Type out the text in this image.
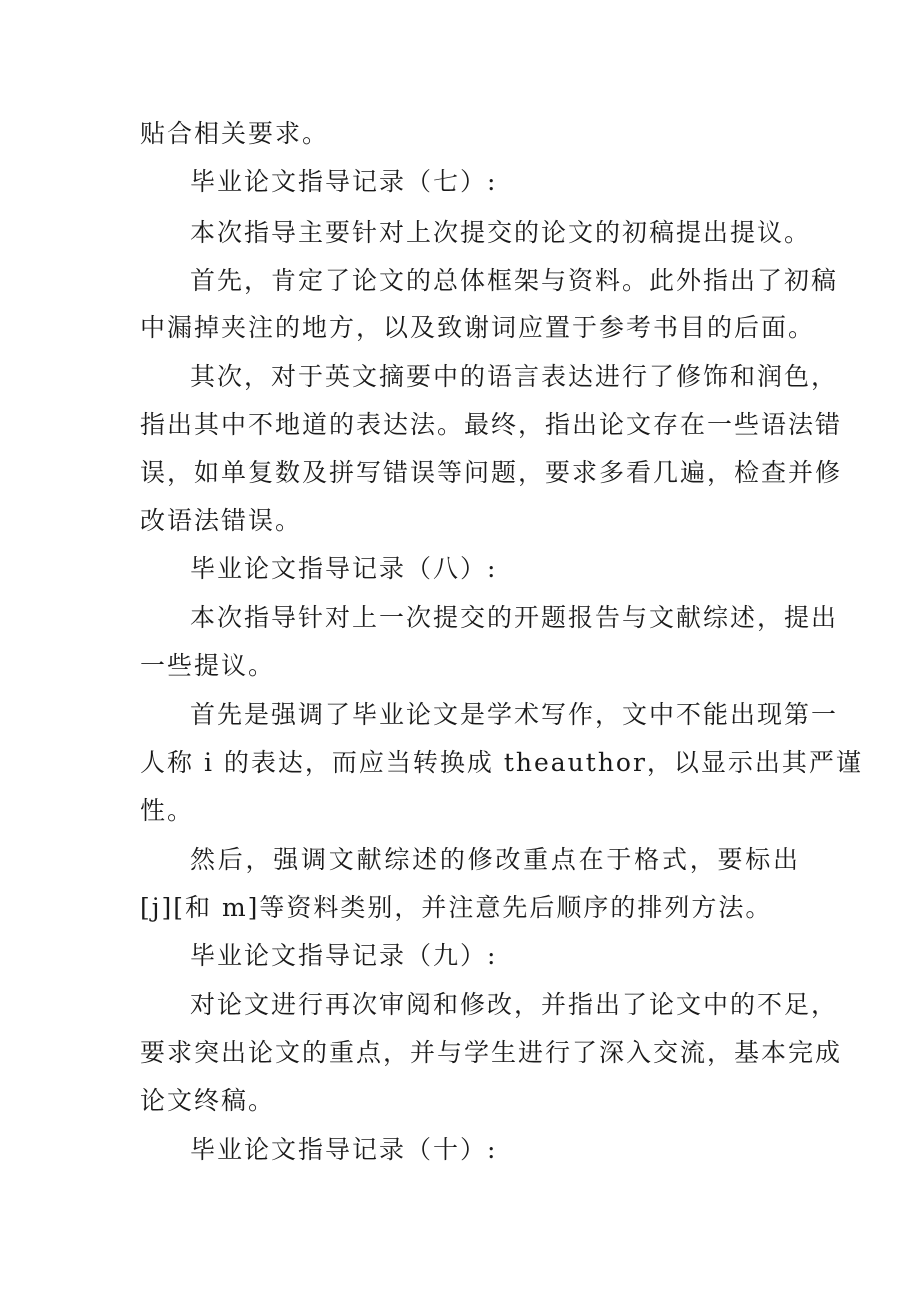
贴合相关要求。
毕业论文指导记录（七）:
本次指导主要针对上次提交的论文的初稿提出提议。
首先，肯定了论文的总体框架与资料。此外指出了初稿
中漏掉夹注的地方，以及致谢词应置于参考书目的后面。
其次，对于英文摘要中的语言表达进行了修饰和润色，
指出其中不地道的表达法。最终，指出论文存在一些语法错
误，如单复数及拼写错误等问题，要求多看几遍，检查并修
改语法错误。
毕业论文指导记录（八）:
本次指导针对上一次提交的开题报告与文献综述，提出
一些提议。
首先是强调了毕业论文是学术写作，文中不能出现第一
人称 i 的表达，而应当转换成 theauthor，以显示出其严谨
性。
然后，强调文献综述的修改重点在于格式，要标出
[j][和 m]等资料类别，并注意先后顺序的排列方法。
毕业论文指导记录（九）:
对论文进行再次审阅和修改，并指出了论文中的不足，
要求突出论文的重点，并与学生进行了深入交流，基本完成
论文终稿。
毕业论文指导记录（十）:
